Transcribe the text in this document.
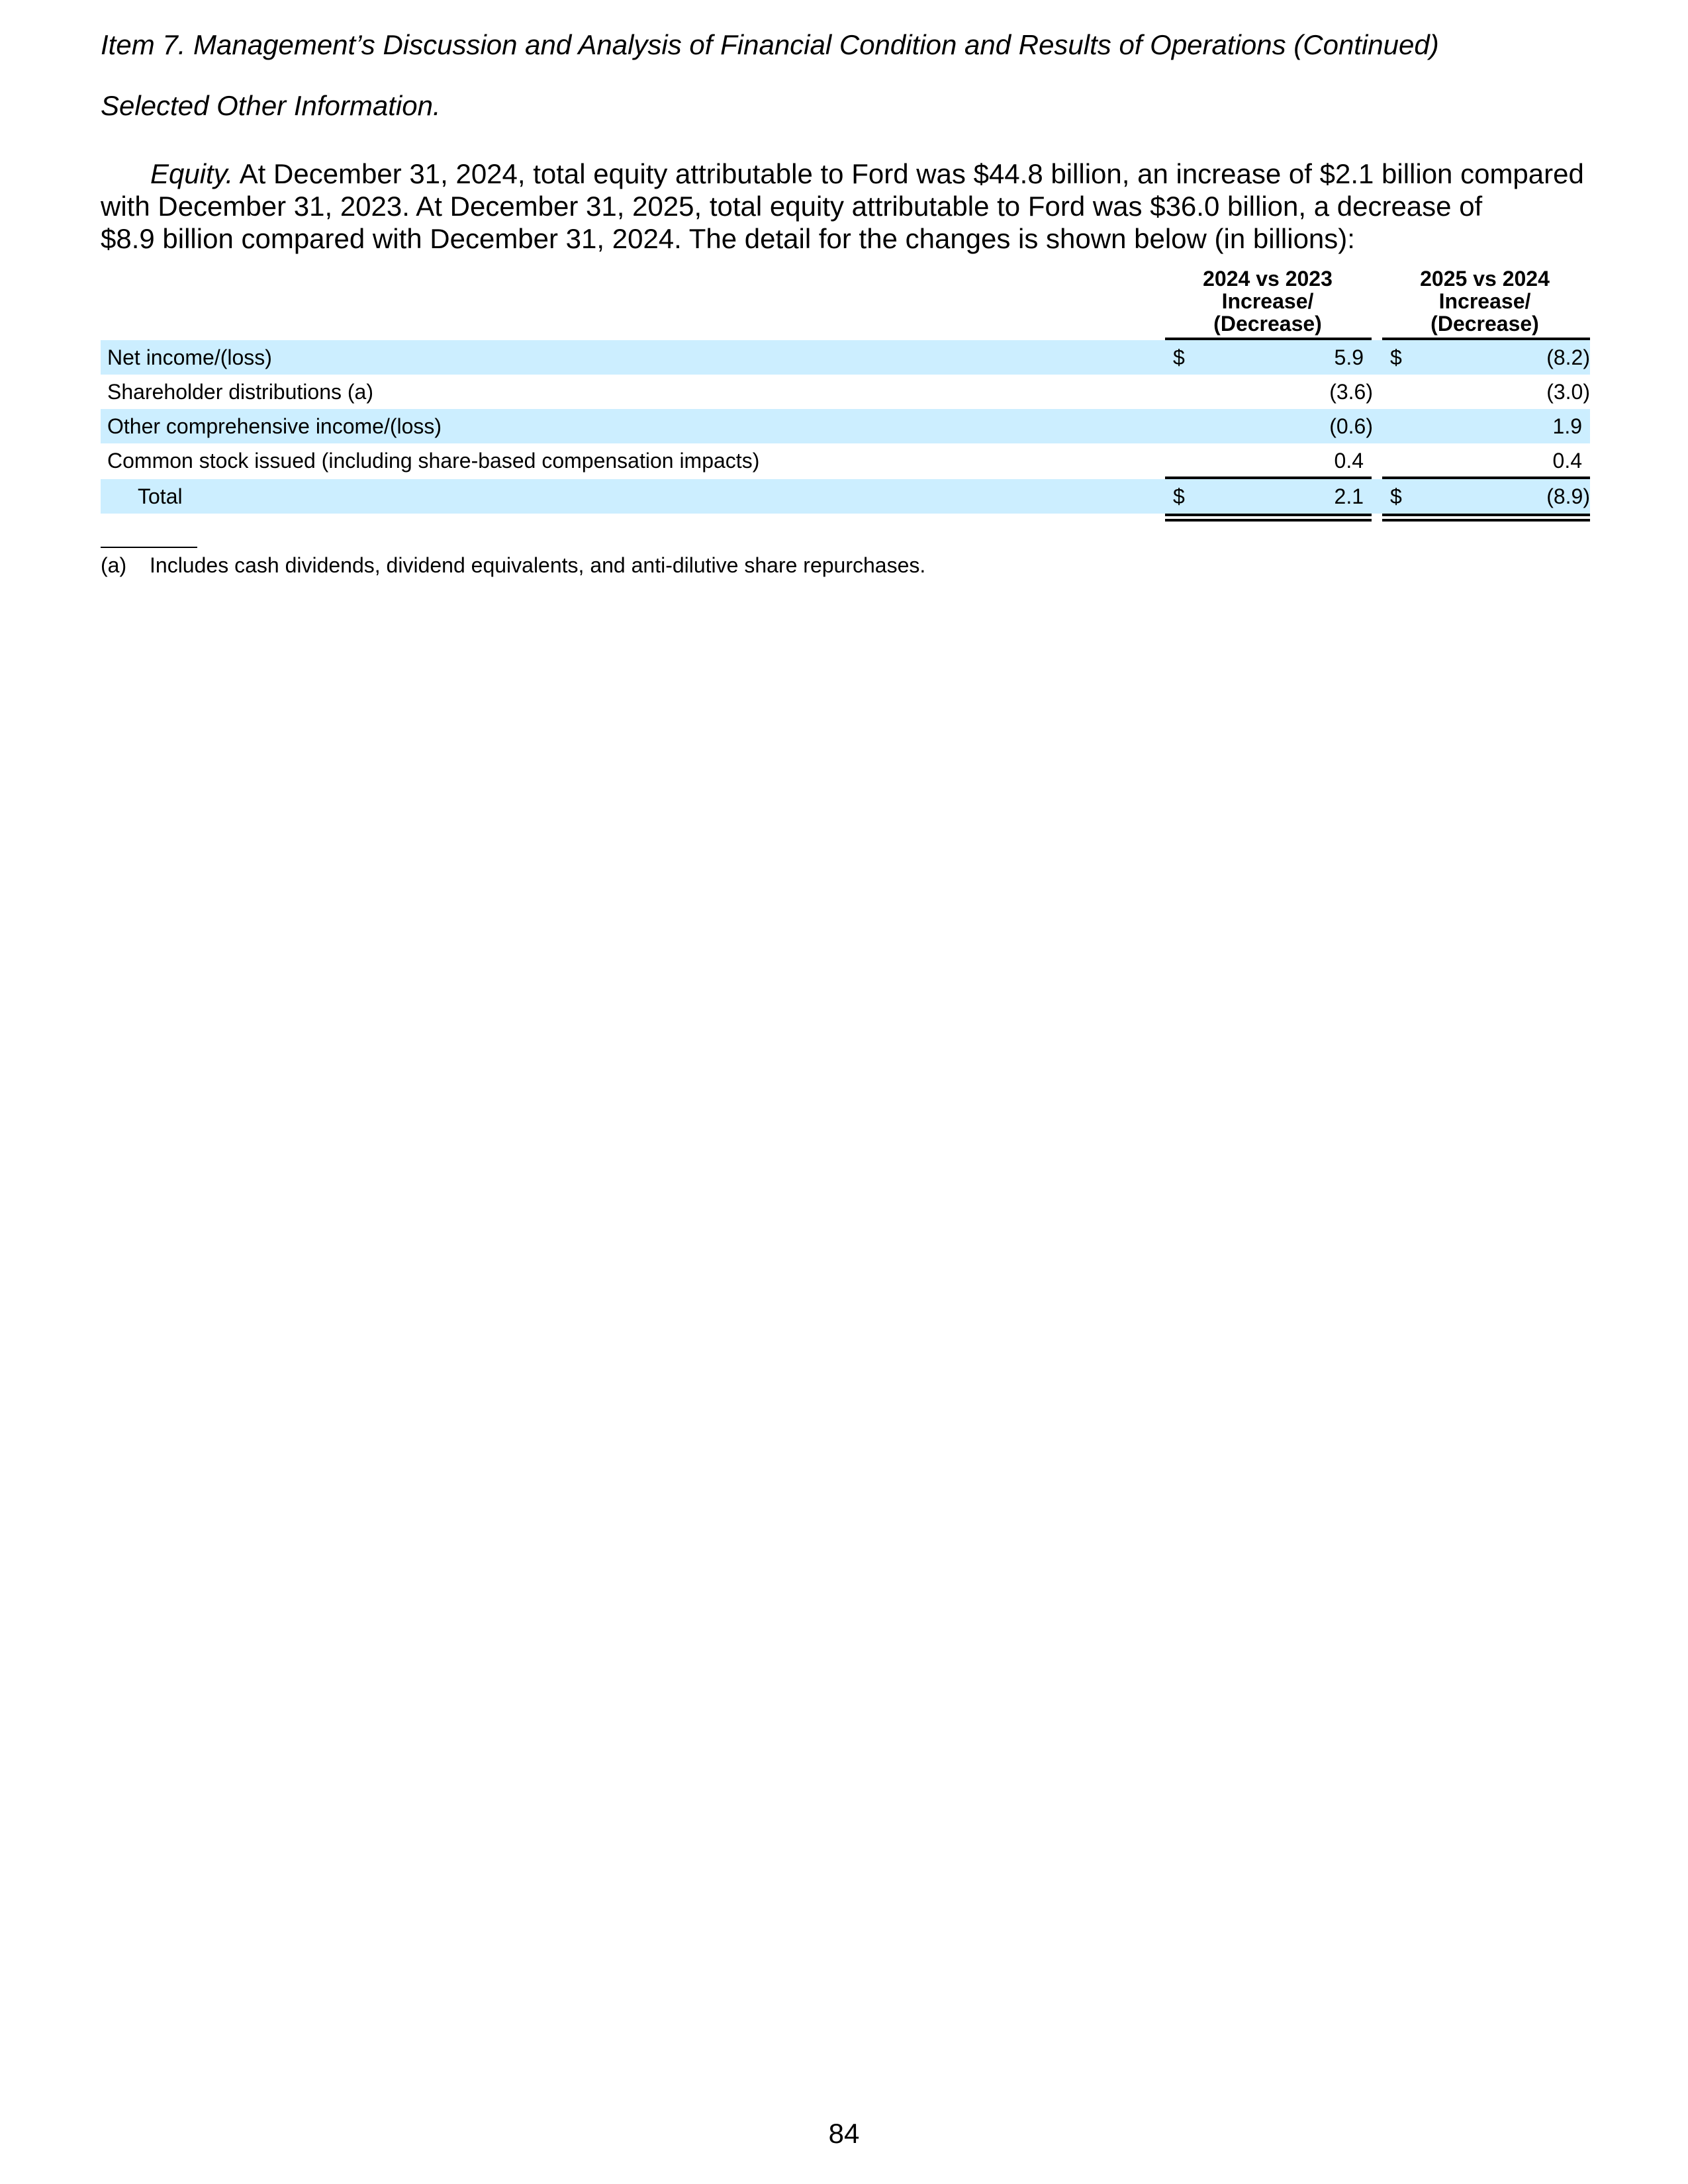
Item 7. Management’s Discussion and Analysis of Financial Condition and Results of Operations (Continued)
Selected Other Information.
Equity. At December 31, 2024, total equity attributable to Ford was $44.8 billion, an increase of $2.1 billion compared
with December 31, 2023. At December 31, 2025, total equity attributable to Ford was $36.0 billion, a decrease of
$8.9 billion compared with December 31, 2024. The detail for the changes is shown below (in billions):
2024 vs 2023
Increase/
(Decrease)
2025 vs 2024
Increase/
(Decrease)
Net income/(loss)	$	5.9 $	(8.2)
Shareholder distributions (a)	(3.6)	(3.0)
Other comprehensive income/(loss)	(0.6)	1.9
Common stock issued (including share-based compensation impacts)	0.4	0.4
Total	$	2.1 $	(8.9)
(a) Includes cash dividends, dividend equivalents, and anti-dilutive share repurchases.
84
